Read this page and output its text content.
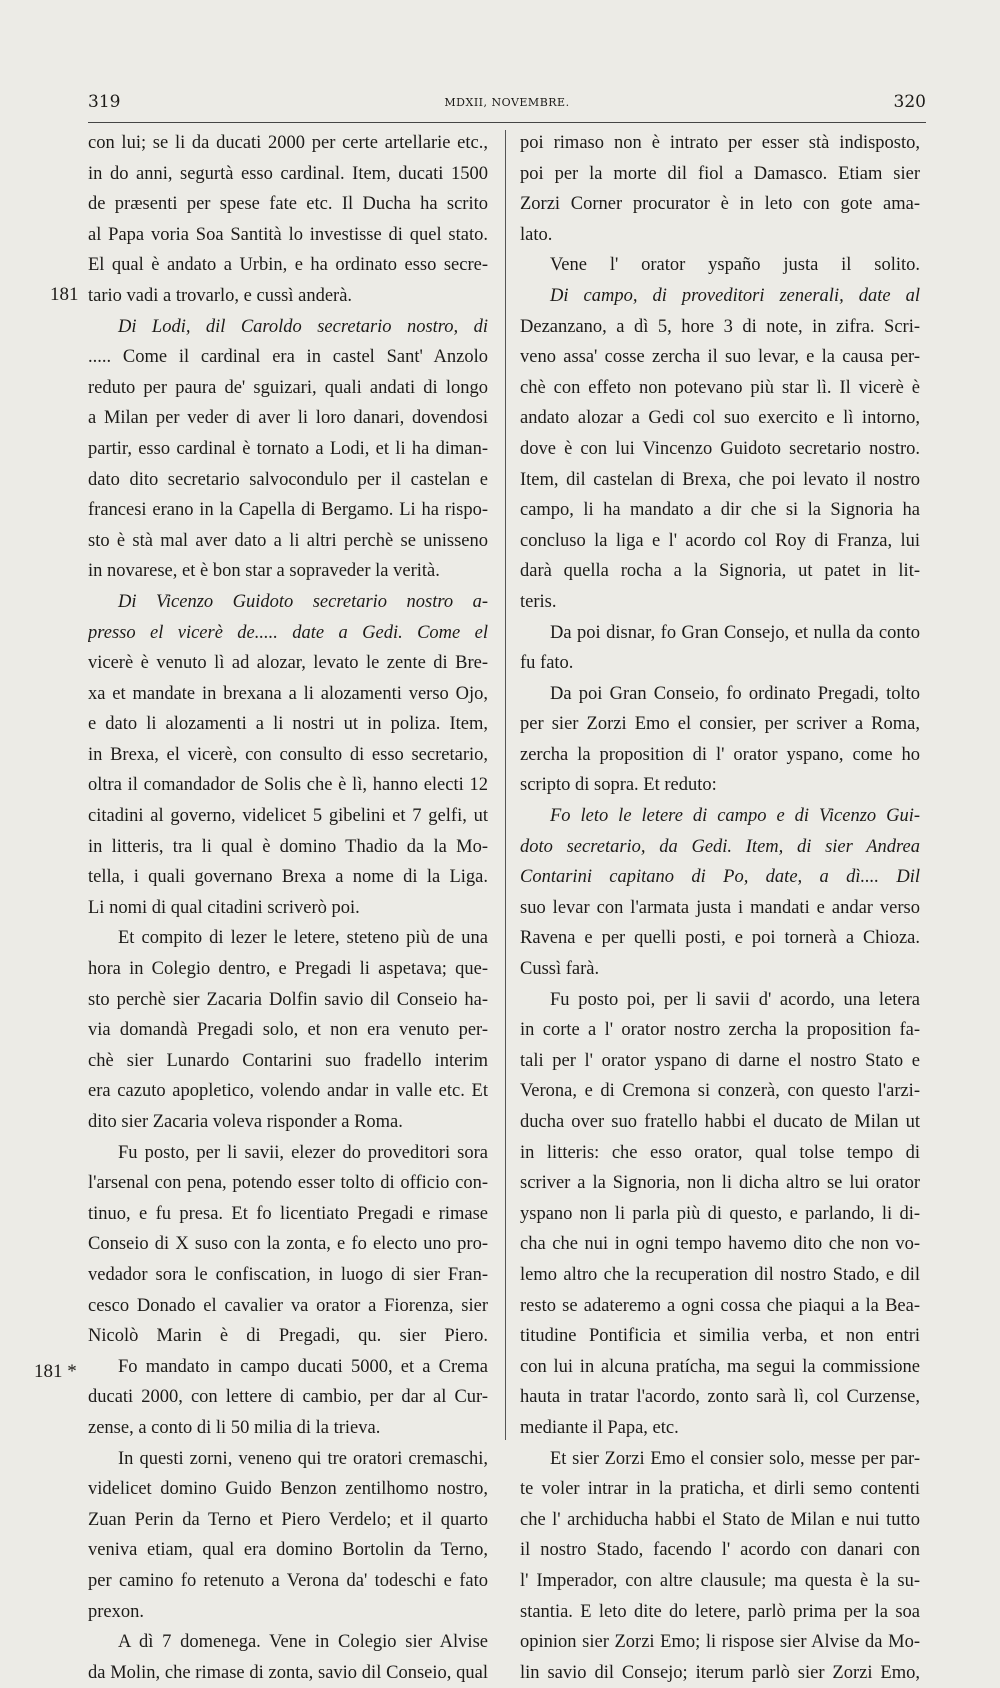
319	MDXII, NOVEMBRE.	320
181
181 *
con lui; se li da ducati 2000 per certe artellarie etc.,
in do anni, segurtà esso cardinal. Item, ducati 1500
de præsenti per spese fate etc. Il Ducha ha scrito
al Papa voria Soa Santità lo investisse di quel stato.
El qual è andato a Urbin, e ha ordinato esso secre-
tario vadi a trovarlo, e cussì anderà.
Di Lodi, dil Caroldo secretario nostro, di
..... Come il cardinal era in castel Sant' Anzolo
reduto per paura de' sguizari, quali andati di longo
a Milan per veder di aver li loro danari, dovendosi
partir, esso cardinal è tornato a Lodi, et li ha diman-
dato dito secretario salvocondulo per il castelan e
francesi erano in la Capella di Bergamo. Li ha rispo-
sto è stà mal aver dato a li altri perchè se unisseno
in novarese, et è bon star a sopraveder la verità.
Di Vicenzo Guidoto secretario nostro a-
presso el vicerè de..... date a Gedi. Come el
vicerè è venuto lì ad alozar, levato le zente di Bre-
xa et mandate in brexana a li alozamenti verso Ojo,
e dato li alozamenti a li nostri ut in poliza. Item,
in Brexa, el vicerè, con consulto di esso secretario,
oltra il comandador de Solis che è lì, hanno electi 12
citadini al governo, videlicet 5 gibelini et 7 gelfi, ut
in litteris, tra li qual è domino Thadio da la Mo-
tella, i quali governano Brexa a nome di la Liga.
Li nomi di qual citadini scriverò poi.
Et compito di lezer le letere, steteno più de una
hora in Colegio dentro, e Pregadi li aspetava; que-
sto perchè sier Zacaria Dolfin savio dil Conseio ha-
via domandà Pregadi solo, et non era venuto per-
chè sier Lunardo Contarini suo fradello interim
era cazuto apopletico, volendo andar in valle etc. Et
dito sier Zacaria voleva risponder a Roma.
Fu posto, per li savii, elezer do proveditori sora
l'arsenal con pena, potendo esser tolto di officio con-
tinuo, e fu presa. Et fo licentiato Pregadi e rimase
Conseio di X suso con la zonta, e fo electo uno pro-
vedador sora le confiscation, in luogo di sier Fran-
cesco Donado el cavalier va orator a Fiorenza, sier
Nicolò Marin è di Pregadi, qu. sier Piero.
Fo mandato in campo ducati 5000, et a Crema
ducati 2000, con lettere di cambio, per dar al Cur-
zense, a conto di li 50 milia di la trieva.
In questi zorni, veneno qui tre oratori cremaschi,
videlicet domino Guido Benzon zentilhomo nostro,
Zuan Perin da Terno et Piero Verdelo; et il quarto
veniva etiam, qual era domino Bortolin da Terno,
per camino fo retenuto a Verona da' todeschi e fato
prexon.
A dì 7 domenega. Vene in Colegio sier Alvise
da Molin, che rimase di zonta, savio dil Conseio, qual
poi rimaso non è intrato per esser stà indisposto,
poi per la morte dil fiol a Damasco. Etiam sier
Zorzi Corner procurator è in leto con gote ama-
lato.
Vene l' orator yspaño justa il solito.
Di campo, di proveditori zenerali, date al
Dezanzano, a dì 5, hore 3 di note, in zifra. Scri-
veno assa' cosse zercha il suo levar, e la causa per-
chè con effeto non potevano più star lì. Il vicerè è
andato alozar a Gedi col suo exercito e lì intorno,
dove è con lui Vincenzo Guidoto secretario nostro.
Item, dil castelan di Brexa, che poi levato il nostro
campo, li ha mandato a dir che si la Signoria ha
concluso la liga e l' acordo col Roy di Franza, lui
darà quella rocha a la Signoria, ut patet in lit-
teris.
Da poi disnar, fo Gran Consejo, et nulla da conto
fu fato.
Da poi Gran Conseio, fo ordinato Pregadi, tolto
per sier Zorzi Emo el consier, per scriver a Roma,
zercha la proposition di l' orator yspano, come ho
scripto di sopra. Et reduto:
Fo leto le letere di campo e di Vicenzo Gui-
doto secretario, da Gedi. Item, di sier Andrea
Contarini capitano di Po, date, a dì.... Dil
suo levar con l'armata justa i mandati e andar verso
Ravena e per quelli posti, e poi tornerà a Chioza.
Cussì farà.
Fu posto poi, per li savii d' acordo, una letera
in corte a l' orator nostro zercha la proposition fa-
tali per l' orator yspano di darne el nostro Stato e
Verona, e di Cremona si conzerà, con questo l'arzi-
ducha over suo fratello habbi el ducato de Milan ut
in litteris: che esso orator, qual tolse tempo di
scriver a la Signoria, non li dicha altro se lui orator
yspano non li parla più di questo, e parlando, li di-
cha che nui in ogni tempo havemo dito che non vo-
lemo altro che la recuperation dil nostro Stado, e dil
resto se adateremo a ogni cossa che piaqui a la Bea-
titudine Pontificia et similia verba, et non entri
con lui in alcuna pratícha, ma segui la commissione
hauta in tratar l'acordo, zonto sarà lì, col Curzense,
mediante il Papa, etc.
Et sier Zorzi Emo el consier solo, messe per par-
te voler intrar in la praticha, et dirli semo contenti
che l' archiducha habbi el Stato de Milan e nui tutto
il nostro Stado, facendo l' acordo con danari con
l' Imperador, con altre clausule; ma questa è la su-
stantia. E leto dite do letere, parlò prima per la soa
opinion sier Zorzi Emo; li rispose sier Alvise da Mo-
lin savio dil Consejo; iterum parlò sier Zorzi Emo,
